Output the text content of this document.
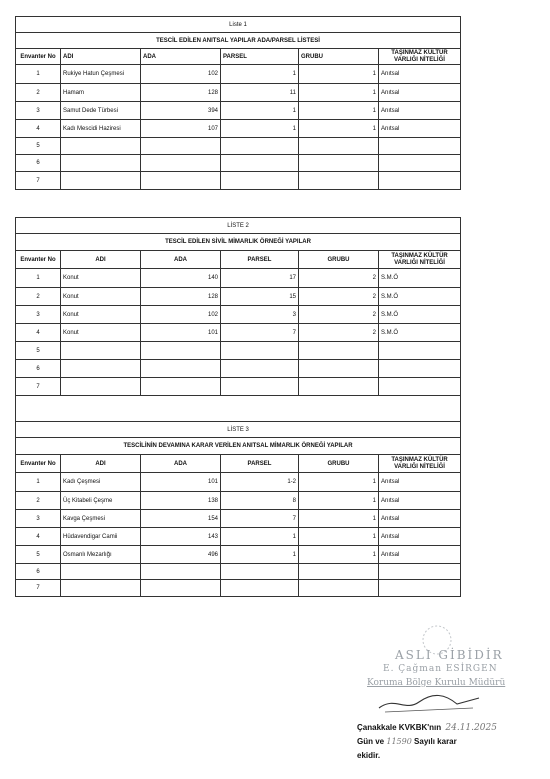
Liste 1					
TESCİL EDİLEN ANITSAL YAPILAR ADA/PARSEL LİSTESİ					
Envanter No	ADI	ADA	PARSEL	GRUBU	TAŞINMAZ KÜLTÜR VARLIĞI NİTELİĞİ
1	Rukiye Hatun Çeşmesi	102	1	1	Anıtsal
2	Hamam	128	11	1	Anıtsal
3	Samut Dede Türbesi	394	1	1	Anıtsal
4	Kadı Mescidi Haziresi	107	1	1	Anıtsal
5					
6					
7					
LİSTE 2					
TESCİL EDİLEN SİVİL MİMARLIK ÖRNEĞİ YAPILAR					
Envanter No	ADI	ADA	PARSEL	GRUBU	TAŞINMAZ KÜLTÜR VARLIĞI NİTELİĞİ
1	Konut	140	17	2	S.M.Ö
2	Konut	128	15	2	S.M.Ö
3	Konut	102	3	2	S.M.Ö
4	Konut	101	7	2	S.M.Ö
5					
6					
7					

LİSTE 3					
TESCİLİNİN DEVAMINA KARAR VERİLEN ANITSAL MİMARLIK ÖRNEĞİ YAPILAR					
Envanter No	ADI	ADA	PARSEL	GRUBU	TAŞINMAZ KÜLTÜR VARLIĞI NİTELİĞİ
1	Kadı Çeşmesi	101	1-2	1	Anıtsal
2	Üç Kitabeli Çeşme	138	8	1	Anıtsal
3	Kavga Çeşmesi	154	7	1	Anıtsal
4	Hüdavendigar Camii	143	1	1	Anıtsal
5	Osmanlı Mezarlığı	496	1	1	Anıtsal
6					
7					
ASLI GİBİDİR
E. Çağman ESİRGEN
Koruma Bölge Kurulu Müdürü
Çanakkale KVKBK'nın 24.11.2025
Gün ve 11590 Sayılı karar
ekidir.
